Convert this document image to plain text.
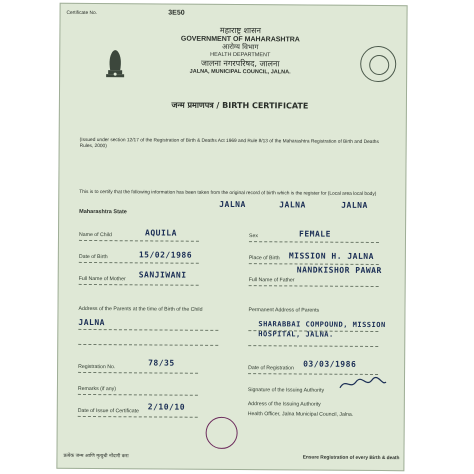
Certificate No.	3E50
महाराष्ट्र शासन
GOVERNMENT OF MAHARASHTRA
आरोग्य विभाग
HEALTH DEPARTMENT
जालना नगरपरिषद, जालना
JALNA, MUNICIPAL COUNCIL, JALNA.
जन्म प्रमाणपत्र / BIRTH CERTIFICATE
(Issued under section 12/17 of the Registration of Birth & Deaths Act 1969 and Rule 8/13 of the Maharashtra Registration of Birth and Deaths Rules, 2000)
This is to certify that the following information has been taken from the original record of birth which is the register for (Local area local body)
JALNA	JALNA	JALNA
Maharashtra State
Name of Child	AQUILA	Sex	FEMALE
Date of Birth	15/02/1986	Place of Birth MISSION H. JALNA
Full Name of Mother SANJIWANI
Full Name of Father
NANDKISHOR PAWAR
Address of the Parents at the time of Birth of the Child
JALNA
Permanent Address of Parents
SHARABBAI COMPOUND, MISSION HOSPITAL, JALNA.
Registration No.	78/35
Date of Registration 03/03/1986
Remarks (if any)	Signature of the Issuing Authority
Date of Issue of Certificate 2/10/10	Address of the Issuing Authority
Health Officer, Jalna Municipal Council, Jalna.
प्रत्येक जन्म आणि मृत्युची नोंदणी करा	Ensure Registration of every Birth & death
